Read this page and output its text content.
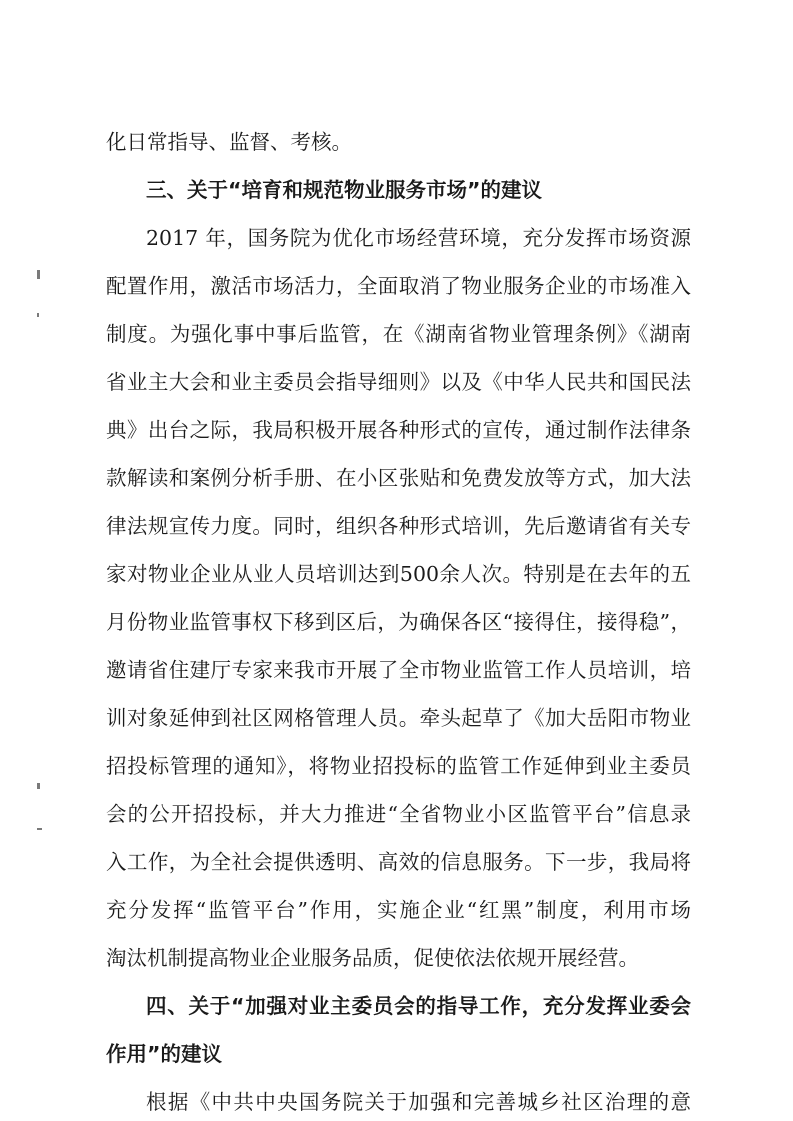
化日常指导、监督、考核。
三、关于“培育和规范物业服务市场”的建议
2017 年，国务院为优化市场经营环境，充分发挥市场资源
配置作用，激活市场活力，全面取消了物业服务企业的市场准入
制度。为强化事中事后监管，在《湖南省物业管理条例》《湖南
省业主大会和业主委员会指导细则》以及《中华人民共和国民法
典》出台之际，我局积极开展各种形式的宣传，通过制作法律条
款解读和案例分析手册、在小区张贴和免费发放等方式，加大法
律法规宣传力度。同时，组织各种形式培训，先后邀请省有关专
家对物业企业从业人员培训达到500余人次。特别是在去年的五
月份物业监管事权下移到区后，为确保各区“接得住，接得稳”，
邀请省住建厅专家来我市开展了全市物业监管工作人员培训，培
训对象延伸到社区网格管理人员。牵头起草了《加大岳阳市物业
招投标管理的通知》，将物业招投标的监管工作延伸到业主委员
会的公开招投标，并大力推进“全省物业小区监管平台”信息录
入工作，为全社会提供透明、高效的信息服务。下一步，我局将
充分发挥“监管平台”作用，实施企业“红黑”制度，利用市场
淘汰机制提高物业企业服务品质，促使依法依规开展经营。
四、关于“加强对业主委员会的指导工作，充分发挥业委会
作用”的建议
根据《中共中央国务院关于加强和完善城乡社区治理的意
